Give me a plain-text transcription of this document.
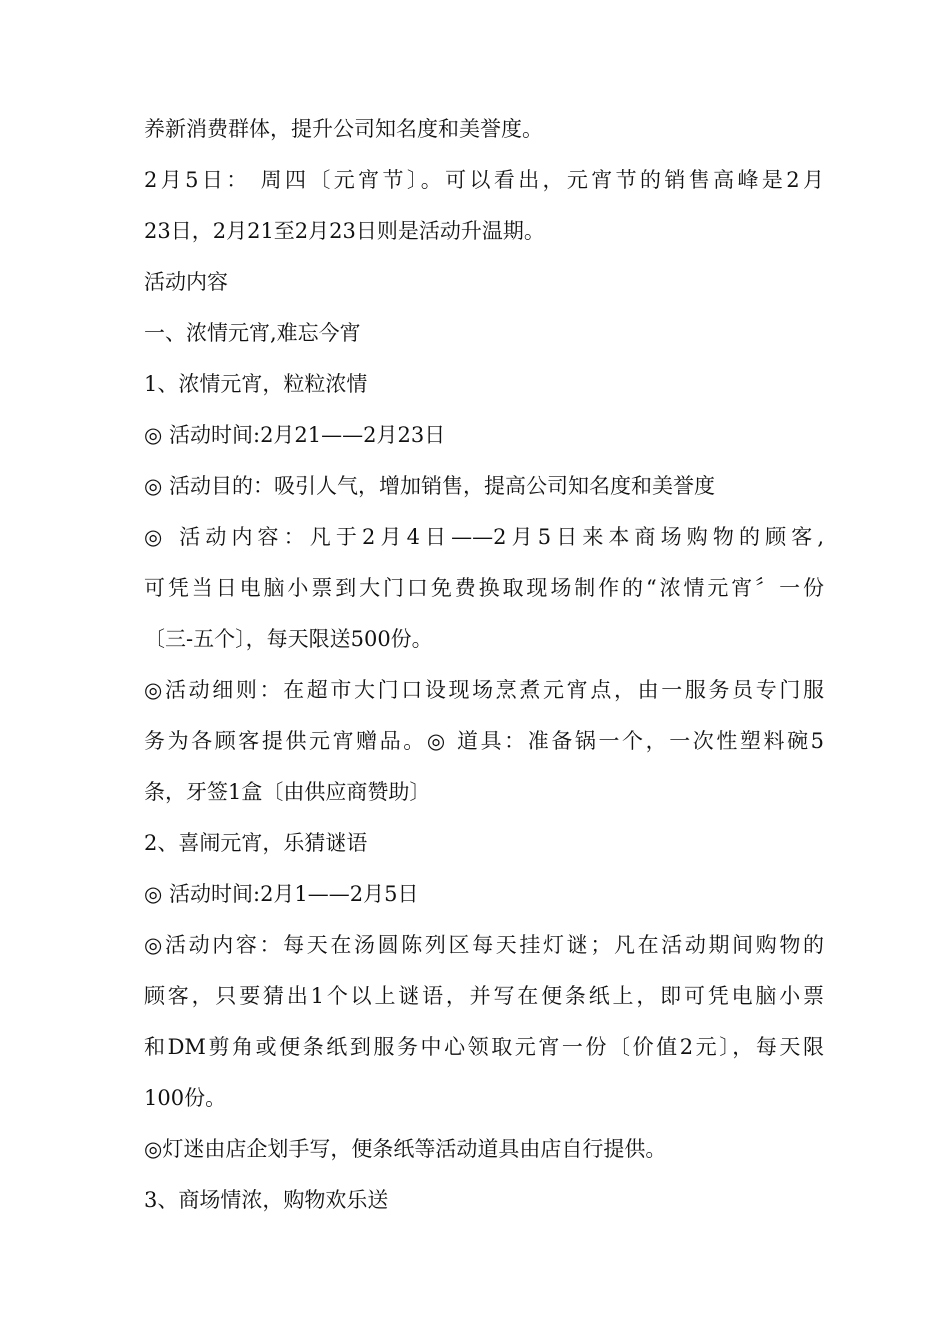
养新消费群体，提升公司知名度和美誉度。
2月5日： 周四〔元宵节〕。可以看出，元宵节的销售高峰是2月
23日，2月21至2月23日则是活动升温期。
活动内容
一、浓情元宵,难忘今宵
1、浓情元宵，粒粒浓情
◎ 活动时间:2月21——2月23日
◎ 活动目的：吸引人气，增加销售，提高公司知名度和美誉度
◎ 活动内容：凡于2月4日——2月5日来本商场购物的顾客,
可凭当日电脑小票到大门口免费换取现场制作的“浓情元宵〞一份
〔三-五个〕，每天限送500份。
◎活动细则：在超市大门口设现场烹煮元宵点，由一服务员专门服
务为各顾客提供元宵赠品。◎ 道具：准备锅一个，一次性塑料碗5
条，牙签1盒〔由供应商赞助〕
2、喜闹元宵，乐猜谜语
◎ 活动时间:2月1——2月5日
◎活动内容：每天在汤圆陈列区每天挂灯谜；凡在活动期间购物的
顾客，只要猜出1个以上谜语，并写在便条纸上，即可凭电脑小票
和DM剪角或便条纸到服务中心领取元宵一份〔价值2元〕，每天限
100份。
◎灯迷由店企划手写，便条纸等活动道具由店自行提供。
3、商场情浓，购物欢乐送
